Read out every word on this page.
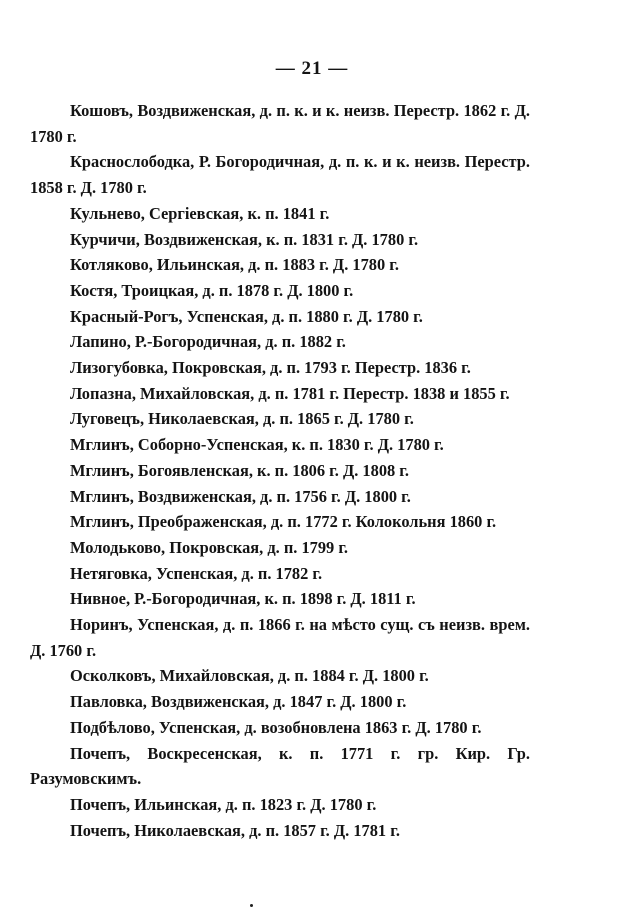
— 21 —
Кошовъ, Воздвиженская, д. п. к. и к. неизв. Перестр. 1862 г. Д. 1780 г.
Краснослободка, Р. Богородичная, д. п. к. и к. неизв. Перестр. 1858 г. Д. 1780 г.
Кульнево, Сергіевская, к. п. 1841 г.
Курчичи, Воздвиженская, к. п. 1831 г. Д. 1780 г.
Котляково, Ильинская, д. п. 1883 г. Д. 1780 г.
Костя, Троицкая, д. п. 1878 г. Д. 1800 г.
Красный-Рогъ, Успенская, д. п. 1880 г. Д. 1780 г.
Лапино, Р.-Богородичная, д. п. 1882 г.
Лизогубовка, Покровская, д. п. 1793 г. Перестр. 1836 г.
Лопазна, Михайловская, д. п. 1781 г. Перестр. 1838 и 1855 г.
Луговецъ, Николаевская, д. п. 1865 г. Д. 1780 г.
Мглинъ, Соборно-Успенская, к. п. 1830 г. Д. 1780 г.
Мглинъ, Богоявленская, к. п. 1806 г. Д. 1808 г.
Мглинъ, Воздвиженская, д. п. 1756 г. Д. 1800 г.
Мглинъ, Преображенская, д. п. 1772 г. Колокольня 1860 г.
Молодьково, Покровская, д. п. 1799 г.
Нетяговка, Успенская, д. п. 1782 г.
Нивное, Р.-Богородичная, к. п. 1898 г. Д. 1811 г.
Норинъ, Успенская, д. п. 1866 г. на мѣсто сущ. съ неизв. врем. Д. 1760 г.
Осколковъ, Михайловская, д. п. 1884 г. Д. 1800 г.
Павловка, Воздвиженская, д. 1847 г. Д. 1800 г.
Подбѣлово, Успенская, д. возобновлена 1863 г. Д. 1780 г.
Почепъ, Воскресенская, к. п. 1771 г. гр. Кир. Гр. Разумовскимъ.
Почепъ, Ильинская, д. п. 1823 г. Д. 1780 г.
Почепъ, Николаевская, д. п. 1857 г. Д. 1781 г.
